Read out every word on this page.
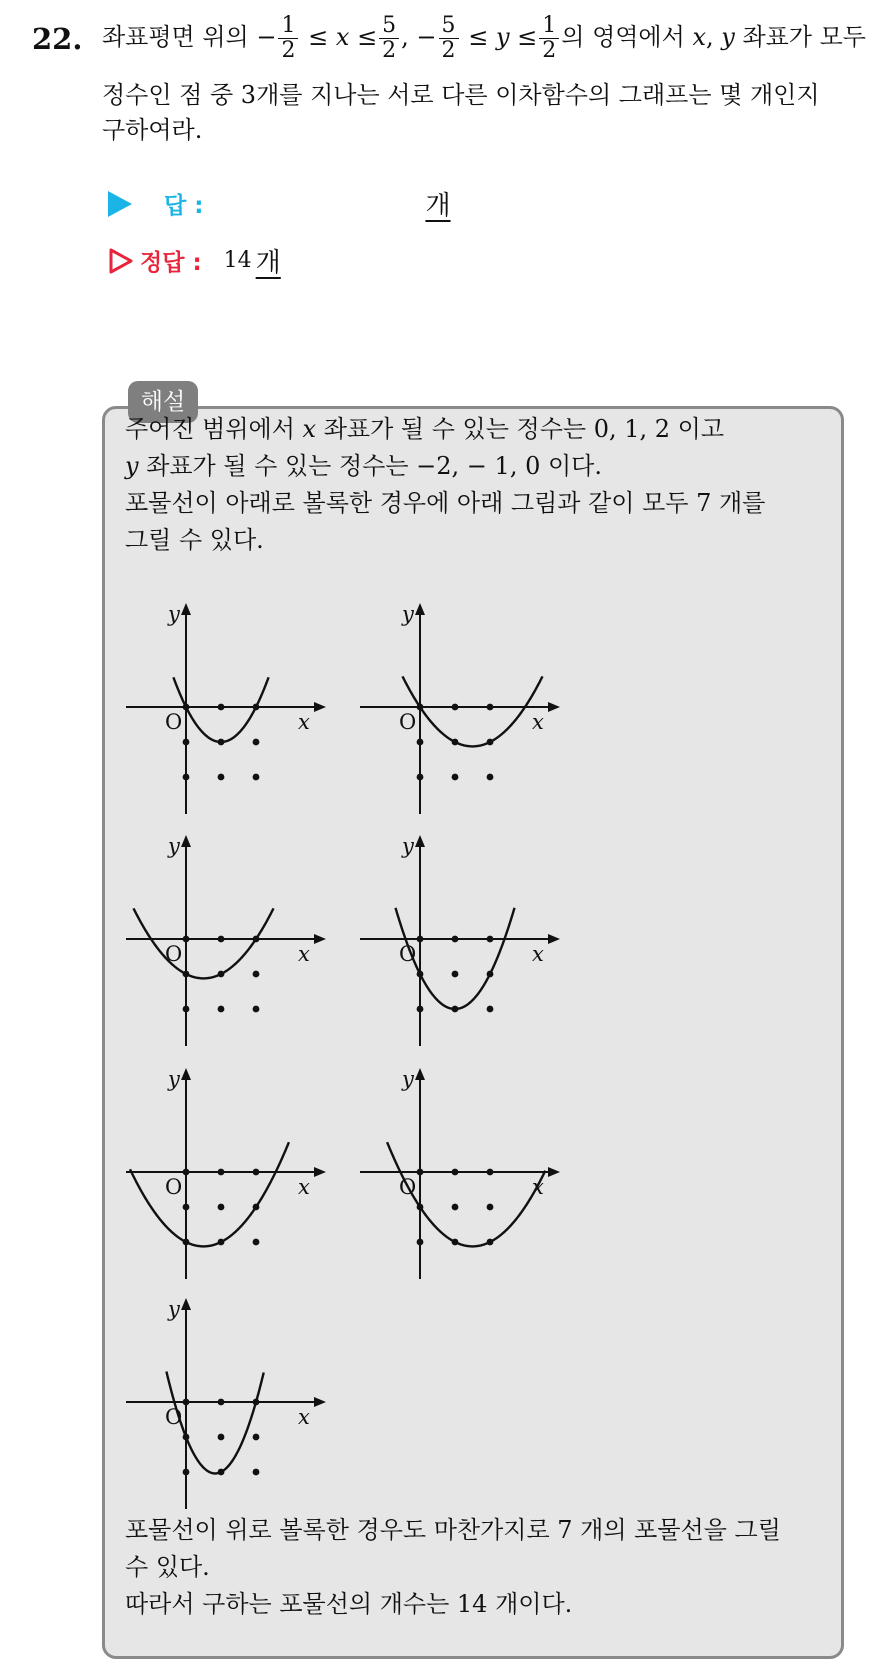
22. 좌표평면 위의 − $\frac{1}{2} \le x \le \frac{5}{2}$ , − $\frac{5}{2} \le y \le \frac{1}{2}$ 의 영역에서 x, y 좌표가 모두
정수인 점 중 3개를 지나는 서로 다른 이차함수의 그래프는 몇 개인지
구하여라.
답 :	개
정답 : 14 개
해설
주어진 범위에서 x 좌표가 될 수 있는 정수는 0, 1, 2 이고
y 좌표가 될 수 있는 정수는 −2, − 1, 0 이다.
포물선이 아래로 볼록한 경우에 아래 그림과 같이 모두 7 개를
그릴 수 있다.
포물선이 위로 볼록한 경우도 마찬가지로 7 개의 포물선을 그릴
수 있다.
따라서 구하는 포물선의 개수는 14 개이다.
x
y
O	x
y
O
x
y
O	x
y
O
x
y
O	x
y
O
x
y
O
